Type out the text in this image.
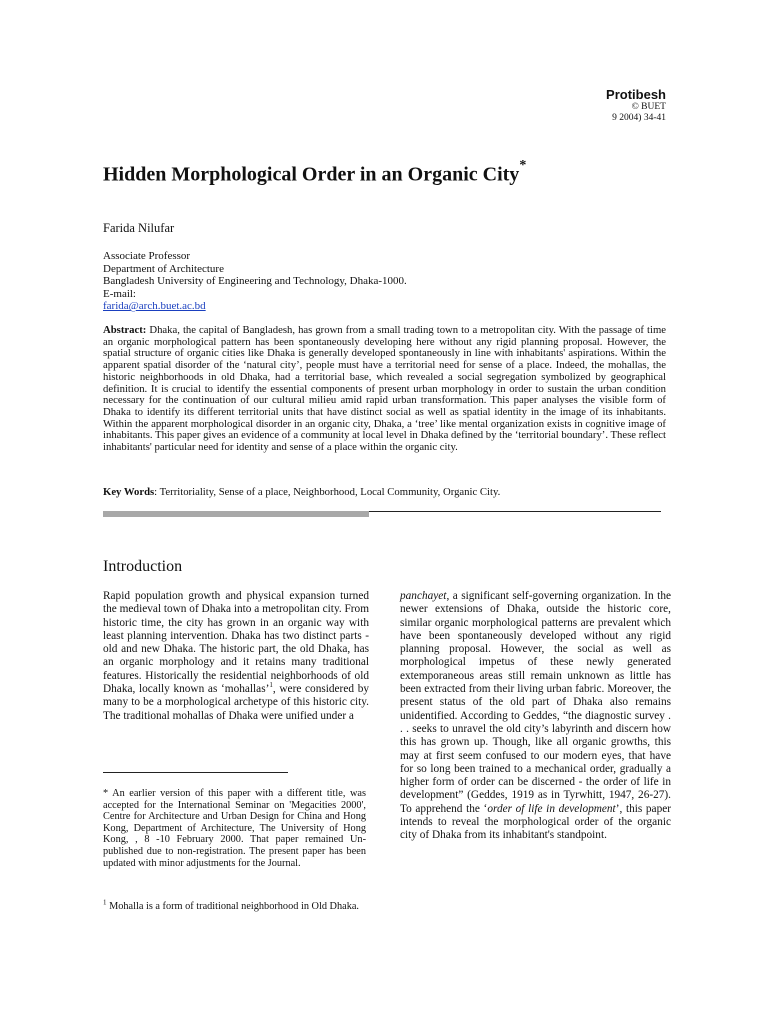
Protibesh
© BUET
9 2004) 34-41
Hidden Morphological Order in an Organic City*
Farida Nilufar
Associate Professor
Department of Architecture
Bangladesh University of Engineering and Technology, Dhaka-1000.
E-mail:
farida@arch.buet.ac.bd
Abstract: Dhaka, the capital of Bangladesh, has grown from a small trading town to a metropolitan city. With the passage of time an organic morphological pattern has been spontaneously developing here without any rigid planning proposal. However, the spatial structure of organic cities like Dhaka is generally developed spontaneously in line with inhabitants' aspirations. Within the apparent spatial disorder of the ‘natural city’, people must have a territorial need for sense of a place. Indeed, the mohallas, the historic neighborhoods in old Dhaka, had a territorial base, which revealed a social segregation symbolized by geographical definition. It is crucial to identify the essential components of present urban morphology in order to sustain the urban condition necessary for the continuation of our cultural milieu amid rapid urban transformation. This paper analyses the visible form of Dhaka to identify its different territorial units that have distinct social as well as spatial identity in the image of its inhabitants. Within the apparent morphological disorder in an organic city, Dhaka, a ‘tree’ like mental organization exists in cognitive image of inhabitants. This paper gives an evidence of a community at local level in Dhaka defined by the ‘territorial boundary’. These reflect inhabitants' particular need for identity and sense of a place within the organic city.
Key Words: Territoriality, Sense of a place, Neighborhood, Local Community, Organic City.
Introduction
Rapid population growth and physical expansion turned the medieval town of Dhaka into a metropolitan city. From historic time, the city has grown in an organic way with least planning intervention. Dhaka has two distinct parts - old and new Dhaka. The historic part, the old Dhaka, has an organic morphology and it retains many traditional features. Historically the residential neighborhoods of old Dhaka, locally known as ‘mohallas’$^1$, were considered by many to be a morphological archetype of this historic city. The traditional mohallas of Dhaka were unified under a
panchayet, a significant self-governing organization. In the newer extensions of Dhaka, outside the historic core, similar organic morphological patterns are prevalent which have been spontaneously developed without any rigid planning proposal. However, the social as well as morphological impetus of these newly generated extemporaneous areas still remain unknown as little has been extracted from their living urban fabric. Moreover, the present status of the old part of Dhaka also remains unidentified. According to Geddes, “the diagnostic survey . . . seeks to unravel the old city’s labyrinth and discern how this has grown up. Though, like all organic growths, this may at first seem confused to our modern eyes, that have for so long been trained to a mechanical order, gradually a higher form of order can be discerned - the order of life in development” (Geddes, 1919 as in Tyrwhitt, 1947, 26-27). To apprehend the ‘order of life in development’, this paper intends to reveal the morphological order of the organic city of Dhaka from its inhabitant's standpoint.
* An earlier version of this paper with a different title, was accepted for the International Seminar on 'Megacities 2000', Centre for Architecture and Urban Design for China and Hong Kong, Department of Architecture, The University of Hong Kong, , 8 -10 February 2000. That paper remained Un-published due to non-registration. The present paper has been updated with minor adjustments for the Journal.
$^1$ Mohalla is a form of traditional neighborhood in Old Dhaka.
